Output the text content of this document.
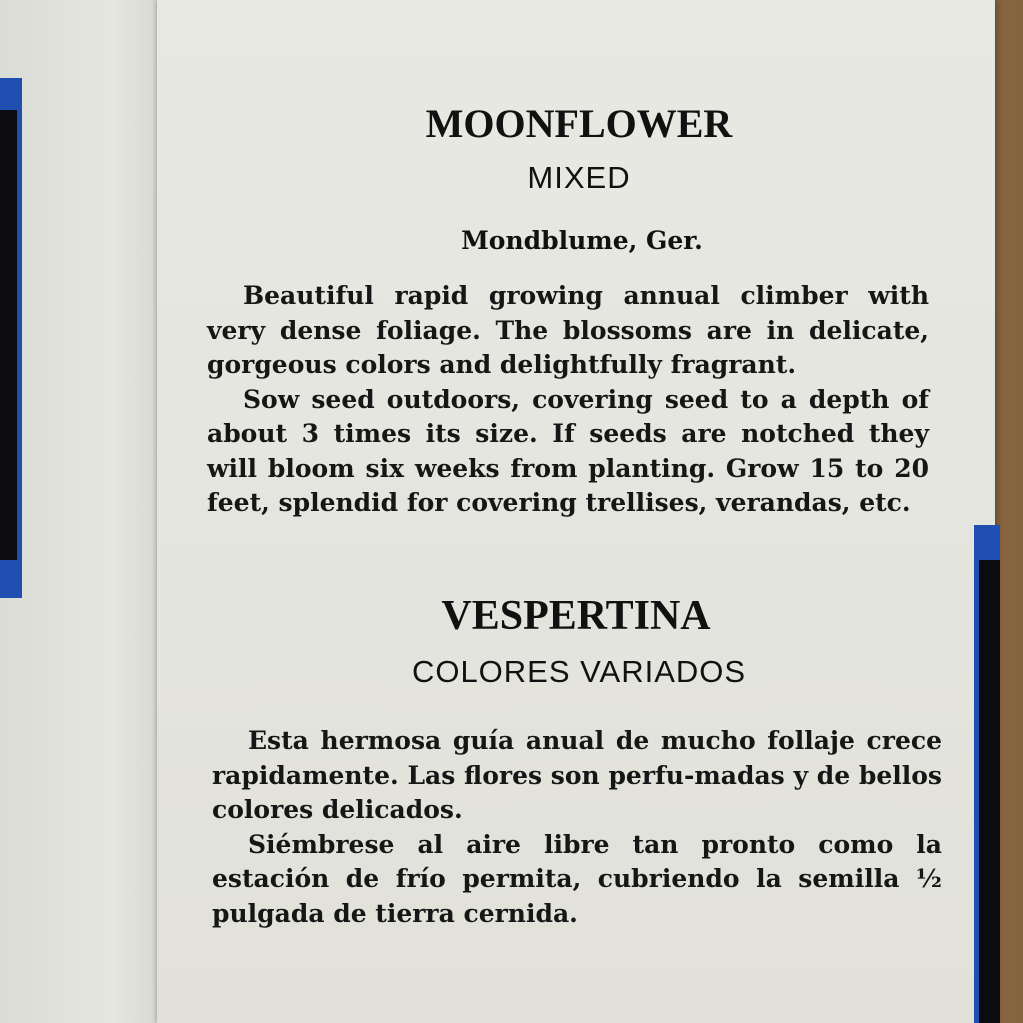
MOONFLOWER
MIXED
Mondblume, Ger.

Beautiful rapid growing annual climber with very dense foliage. The blossoms are in delicate, gorgeous colors and delightfully fragrant.

Sow seed outdoors, covering seed to a depth of about 3 times its size. If seeds are notched they will bloom six weeks from planting. Grow 15 to 20 feet, splendid for covering trellises, verandas, etc.

VESPERTINA
COLORES VARIADOS

Esta hermosa guía anual de mucho follaje crece rapidamente. Las flores son perfu-madas y de bellos colores delicados.

Siémbrese al aire libre tan pronto como la estación de frío permita, cubriendo la semilla ½ pulgada de tierra cernida.
